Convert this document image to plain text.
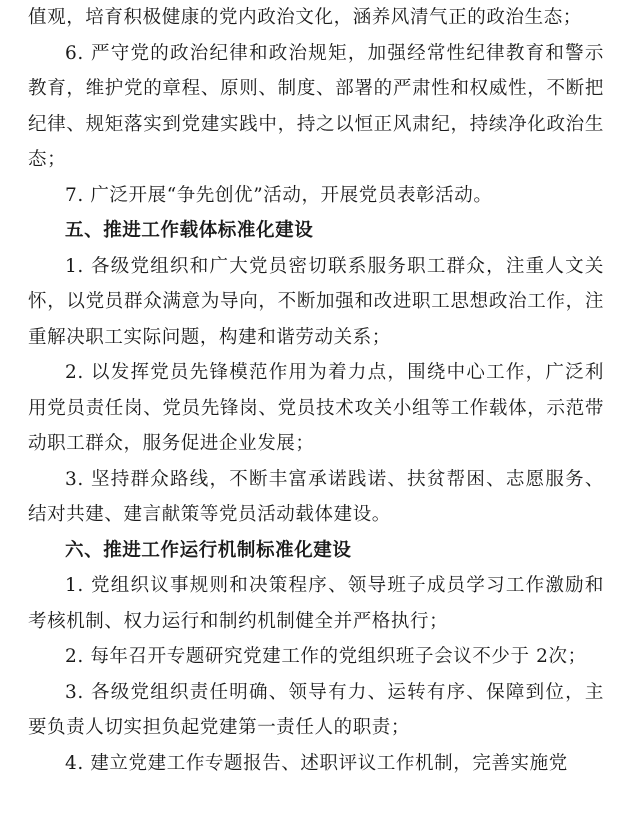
值观，培育积极健康的党内政治文化，涵养风清气正的政治生态；

6. 严守党的政治纪律和政治规矩，加强经常性纪律教育和警示教育，维护党的章程、原则、制度、部署的严肃性和权威性，不断把纪律、规矩落实到党建实践中，持之以恒正风肃纪，持续净化政治生态；

7. 广泛开展“争先创优”活动，开展党员表彰活动。

五、推进工作载体标准化建设

1. 各级党组织和广大党员密切联系服务职工群众，注重人文关怀，以党员群众满意为导向，不断加强和改进职工思想政治工作，注重解决职工实际问题，构建和谐劳动关系；

2. 以发挥党员先锋模范作用为着力点，围绕中心工作，广泛利用党员责任岗、党员先锋岗、党员技术攻关小组等工作载体，示范带动职工群众，服务促进企业发展；

3. 坚持群众路线，不断丰富承诺践诺、扶贫帮困、志愿服务、结对共建、建言献策等党员活动载体建设。

六、推进工作运行机制标准化建设

1. 党组织议事规则和决策程序、领导班子成员学习工作激励和考核机制、权力运行和制约机制健全并严格执行；

2. 每年召开专题研究党建工作的党组织班子会议不少于 2次；

3. 各级党组织责任明确、领导有力、运转有序、保障到位，主要负责人切实担负起党建第一责任人的职责；

4. 建立党建工作专题报告、述职评议工作机制，完善实施党
